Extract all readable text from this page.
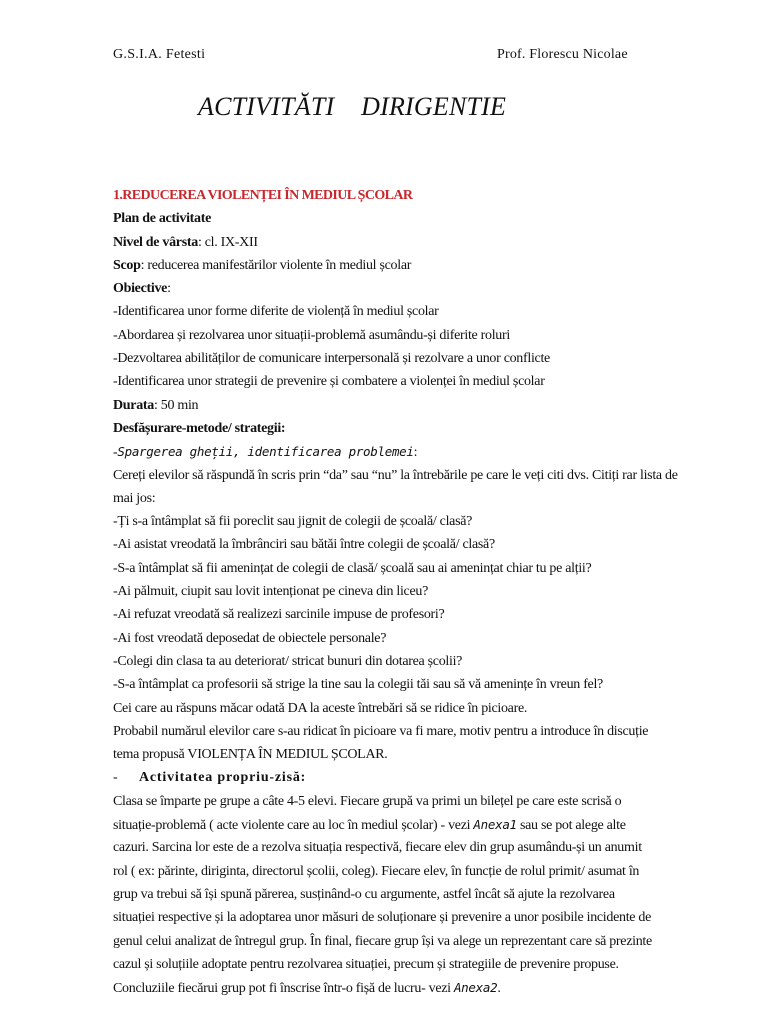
G.S.I.A. Fetesti	Prof. Florescu Nicolae
ACTIVITĂTI    DIRIGENTIE
1.REDUCEREA VIOLENȚEI ÎN MEDIUL ȘCOLAR
Plan de activitate
Nivel de vârsta: cl. IX-XII
Scop: reducerea manifestărilor violente în mediul școlar
Obiective:
-Identificarea unor forme diferite de violență în mediul școlar
-Abordarea și rezolvarea unor situații-problemă asumându-și diferite roluri
-Dezvoltarea abilităților de comunicare interpersonală și rezolvare a unor conflicte
-Identificarea unor strategii de prevenire și combatere a violenței în mediul școlar
Durata: 50 min
Desfășurare-metode/ strategii:
-Spargerea gheții, identificarea problemei:
Cereți elevilor să răspundă în scris prin “da” sau “nu” la întrebările pe care le veți citi dvs. Citiți rar lista de
mai jos:
-Ți s-a întâmplat să fii poreclit sau jignit de colegii de școală/ clasă?
-Ai asistat vreodată la îmbrânciri sau bătăi între colegii de școală/ clasă?
-S-a întâmplat să fii amenințat de colegii de clasă/ școală sau ai amenințat chiar tu pe alții?
-Ai pălmuit, ciupit sau lovit intenționat pe cineva din liceu?
-Ai refuzat vreodată să realizezi sarcinile impuse de profesori?
-Ai fost vreodată deposedat de obiectele personale?
-Colegi din clasa ta au deteriorat/ stricat bunuri din dotarea școlii?
-S-a întâmplat ca profesorii să strige la tine sau la colegii tăi sau să vă amenințe în vreun fel?
Cei care au răspuns măcar odată DA la aceste întrebări să se ridice în picioare.
Probabil numărul elevilor care s-au ridicat în picioare va fi mare, motiv pentru a introduce în discuție
tema propusă VIOLENȚA ÎN MEDIUL ȘCOLAR.
- Activitatea propriu-zisă:
Clasa se împarte pe grupe a câte 4-5 elevi. Fiecare grupă va primi un bilețel pe care este scrisă o
situație-problemă ( acte violente care au loc în mediul școlar) - vezi Anexa1 sau se pot alege alte
cazuri. Sarcina lor este de a rezolva situația respectivă, fiecare elev din grup asumându-și un anumit
rol ( ex: părinte, diriginta, directorul școlii, coleg). Fiecare elev, în funcție de rolul primit/ asumat în
grup va trebui să își spună părerea, susținând-o cu argumente, astfel încât să ajute la rezolvarea
situației respective și la adoptarea unor măsuri de soluționare și prevenire a unor posibile incidente de
genul celui analizat de întregul grup. În final, fiecare grup își va alege un reprezentant care să prezinte
cazul și soluțiile adoptate pentru rezolvarea situației, precum și strategiile de prevenire propuse.
Concluziile fiecărui grup pot fi înscrise într-o fișă de lucru- vezi Anexa2.
